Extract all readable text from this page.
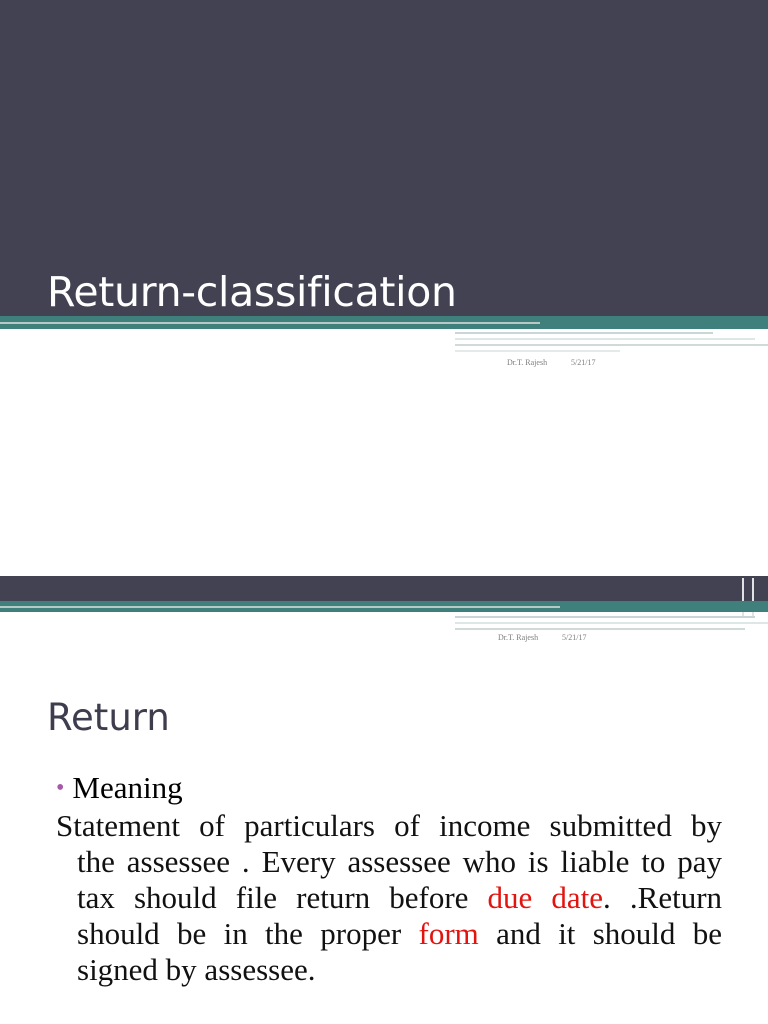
Return-classification
Dr.T. Rajesh	5/21/17
Dr.T. Rajesh	5/21/17
Return
• Meaning
Statement of particulars of income submitted by
the assessee . Every assessee who is liable to pay
tax should file return before due date. .Return
should be in the proper form and it should be
signed by assessee.
